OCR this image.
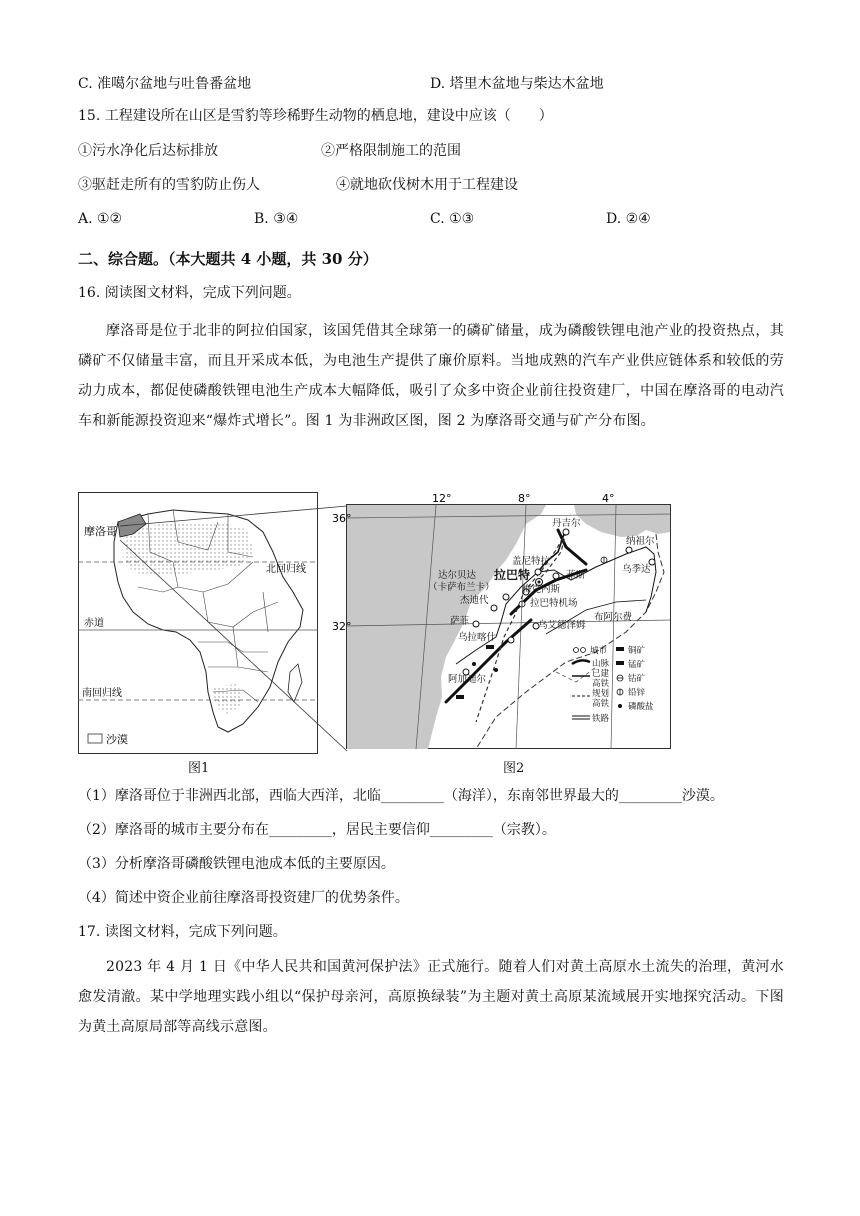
C. 准噶尔盆地与吐鲁番盆地	D. 塔里木盆地与柴达木盆地
15. 工程建设所在山区是雪豹等珍稀野生动物的栖息地，建设中应该（　　）
①污水净化后达标排放	②严格限制施工的范围
③驱赶走所有的雪豹防止伤人	④就地砍伐树木用于工程建设
A. ①②	B. ③④	C. ①③	D. ②④
二、综合题。（本大题共 4 小题，共 30 分）
16. 阅读图文材料，完成下列问题。
摩洛哥是位于北非的阿拉伯国家，该国凭借其全球第一的磷矿储量，成为磷酸铁锂电池产业的投资热点，其磷矿不仅储量丰富，而且开采成本低，为电池生产提供了廉价原料。当地成熟的汽车产业供应链体系和较低的劳动力成本，都促使磷酸铁锂电池生产成本大幅降低，吸引了众多中资企业前往投资建厂，中国在摩洛哥的电动汽车和新能源投资迎来“爆炸式增长”。图 1 为非洲政区图，图 2 为摩洛哥交通与矿产分布图。
摩洛哥
北回归线
赤道
南回归线
沙漠
12°	8°	4°
36°
32°
丹吉尔
纳祖尔
盖尼特拉
菲斯
乌季达
拉巴特
达尔贝达
（卡萨布兰卡）
杰迪代
梅克内斯
拉巴特机场
萨菲	布阿尔费
乌拉喀什
乌艾德泽姆
阿加迪尔
城市
山脉
已建
高铁
规划
高铁
铁路
铜矿
锰矿
钴矿
铅锌
磷酸盐
图1	图2
（1）摩洛哥位于非洲西北部，西临大西洋，北临_________（海洋），东南邻世界最大的_________沙漠。
（2）摩洛哥的城市主要分布在_________，居民主要信仰_________（宗教）。
（3）分析摩洛哥磷酸铁锂电池成本低的主要原因。
（4）简述中资企业前往摩洛哥投资建厂的优势条件。
17. 读图文材料，完成下列问题。
2023 年 4 月 1 日《中华人民共和国黄河保护法》正式施行。随着人们对黄土高原水土流失的治理，黄河水愈发清澈。某中学地理实践小组以“保护母亲河，高原换绿装”为主题对黄土高原某流域展开实地探究活动。下图为黄土高原局部等高线示意图。
